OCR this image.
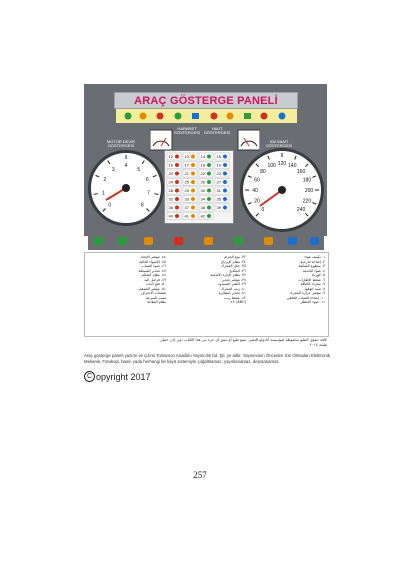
ARAÇ GÖSTERGE PANELİ
HARARET
GÖSTERGESİ
YAKIT
GÖSTERGESİ
MOTOR DEVİR
GÖSTERGESİ
KM SAATİ
GÖSTERGESİ
0
1
2
3
4
5
6
7
8
0
20
40
60
80
100 120 140
160
180
200
220
240
12	13	14	15
16	17	18	19
20	21	22	23
24	25	26	27
28	29	30	31
32	33	34	35
36	37	38	39
40	41	42
١. تكييف هواء
٢. إضاءة خارجية
٣. سطوع الشاشة
٤. ضوء الخدمة
٥. كهرباء
٦. ضغط الإطارات
٧. محرك الكثافة
٨. تنبيه الوقود
٩. مؤشر حرارة المحرك
١٠. إضاءة الضباب الخلفي
١١. ضوء الانتظار
٣٣. نوع الحزام
٣٤. نظام الإيرباج
٣٥. خلل المحرك
٣٦. المكابح
٣٧. نظام الإنارة الأمامية
٣٨. مؤشر تحذير
٣٩. الفلتر المسدود
٤٠. زيت المحرك
٤١. تحذير البطارية
٤٢. ضغط زيت
(ABC) ٤٣
٤٤. مؤشر الاتجاه
٤٥. الأضواء العالية
٤٦. ضوء الضباب
٤٧. تحذير المسافة
٤٨. نظام التحكم
٤٩. فرامل اليد
٥٠. فتح الباب
٥١. مؤشر التشغيل
شمعات الاحتراق
مثبت السرعة
نظام الملاحة
كافة حقوق الطبع محفوظة لمؤسسة أنادولو للنشر. يمنع طبع أو نسخ أي جزء من هذا الكتاب دون إذن خطي.
طبعة ٢٠١٧
Araç gösterge paneli yazımı ve çizimi Tomarson Anadolu Yayıncılık İtd. Şti. ye aittir. Yayınevinin Önceden İzni Olmadan Elektronik, Mekanik, Fotokopi, basılı yada herhangi bir kayıt sistemiyle çoğaltılamaz, yayınlanamaz, depolanamaz.
C opyright 2017
257
